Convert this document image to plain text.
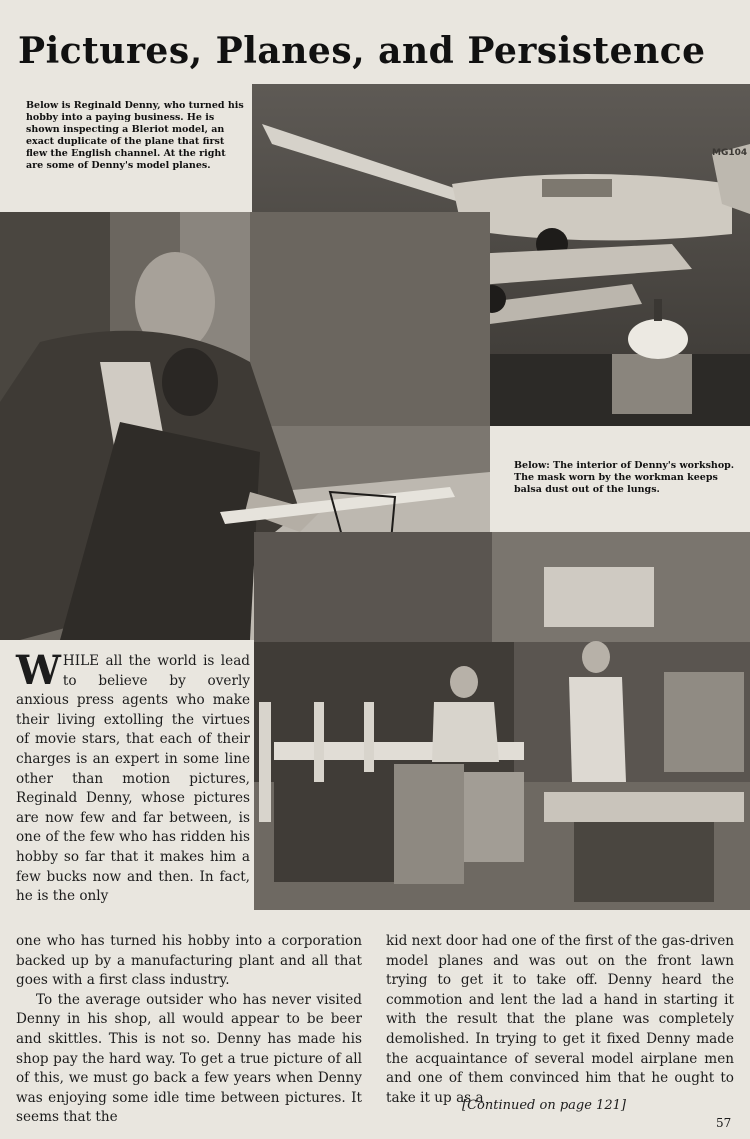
Pictures, Planes, and Persistence

Below is Reginald Denny, who turned his hobby into a paying business. He is shown inspecting a Bleriot model, an exact duplicate of the plane that first flew the English channel. At the right are some of Denny's model planes.

MG104

Below: The interior of Denny's workshop. The mask worn by the workman keeps balsa dust out of the lungs.

WHILE all the world is lead to believe by overly anxious press agents who make their living extolling the virtues of movie stars, that each of their charges is an expert in some line other than motion pictures, Reginald Denny, whose pictures are now few and far between, is one of the few who has ridden his hobby so far that it makes him a few bucks now and then. In fact, he is the only

one who has turned his hobby into a corporation backed up by a manufacturing plant and all that goes with a first class industry.

To the average outsider who has never visited Denny in his shop, all would appear to be beer and skittles. This is not so. Denny has made his shop pay the hard way. To get a true picture of all of this, we must go back a few years when Denny was enjoying some idle time between pictures. It seems that the

kid next door had one of the first of the gas-driven model planes and was out on the front lawn trying to get it to take off. Denny heard the commotion and lent the lad a hand in starting it with the result that the plane was completely demolished. In trying to get it fixed Denny made the acquaintance of several model airplane men and one of them convinced him that he ought to take it up as a

[Continued on page 121]
57
